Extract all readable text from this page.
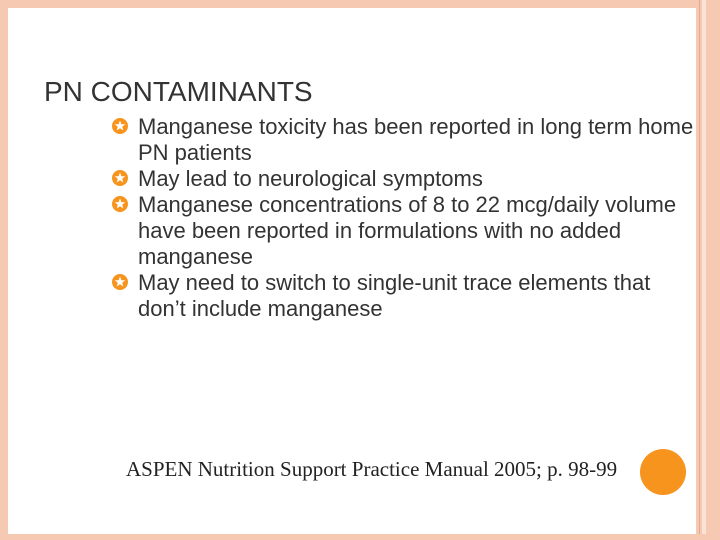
PN CONTAMINANTS
Manganese toxicity has been reported in long term home PN patients
May lead to neurological symptoms
Manganese concentrations of 8 to 22 mcg/daily volume have been reported in formulations with no added manganese
May need to switch to single-unit trace elements that don’t include manganese

ASPEN Nutrition Support Practice Manual 2005; p. 98-99
